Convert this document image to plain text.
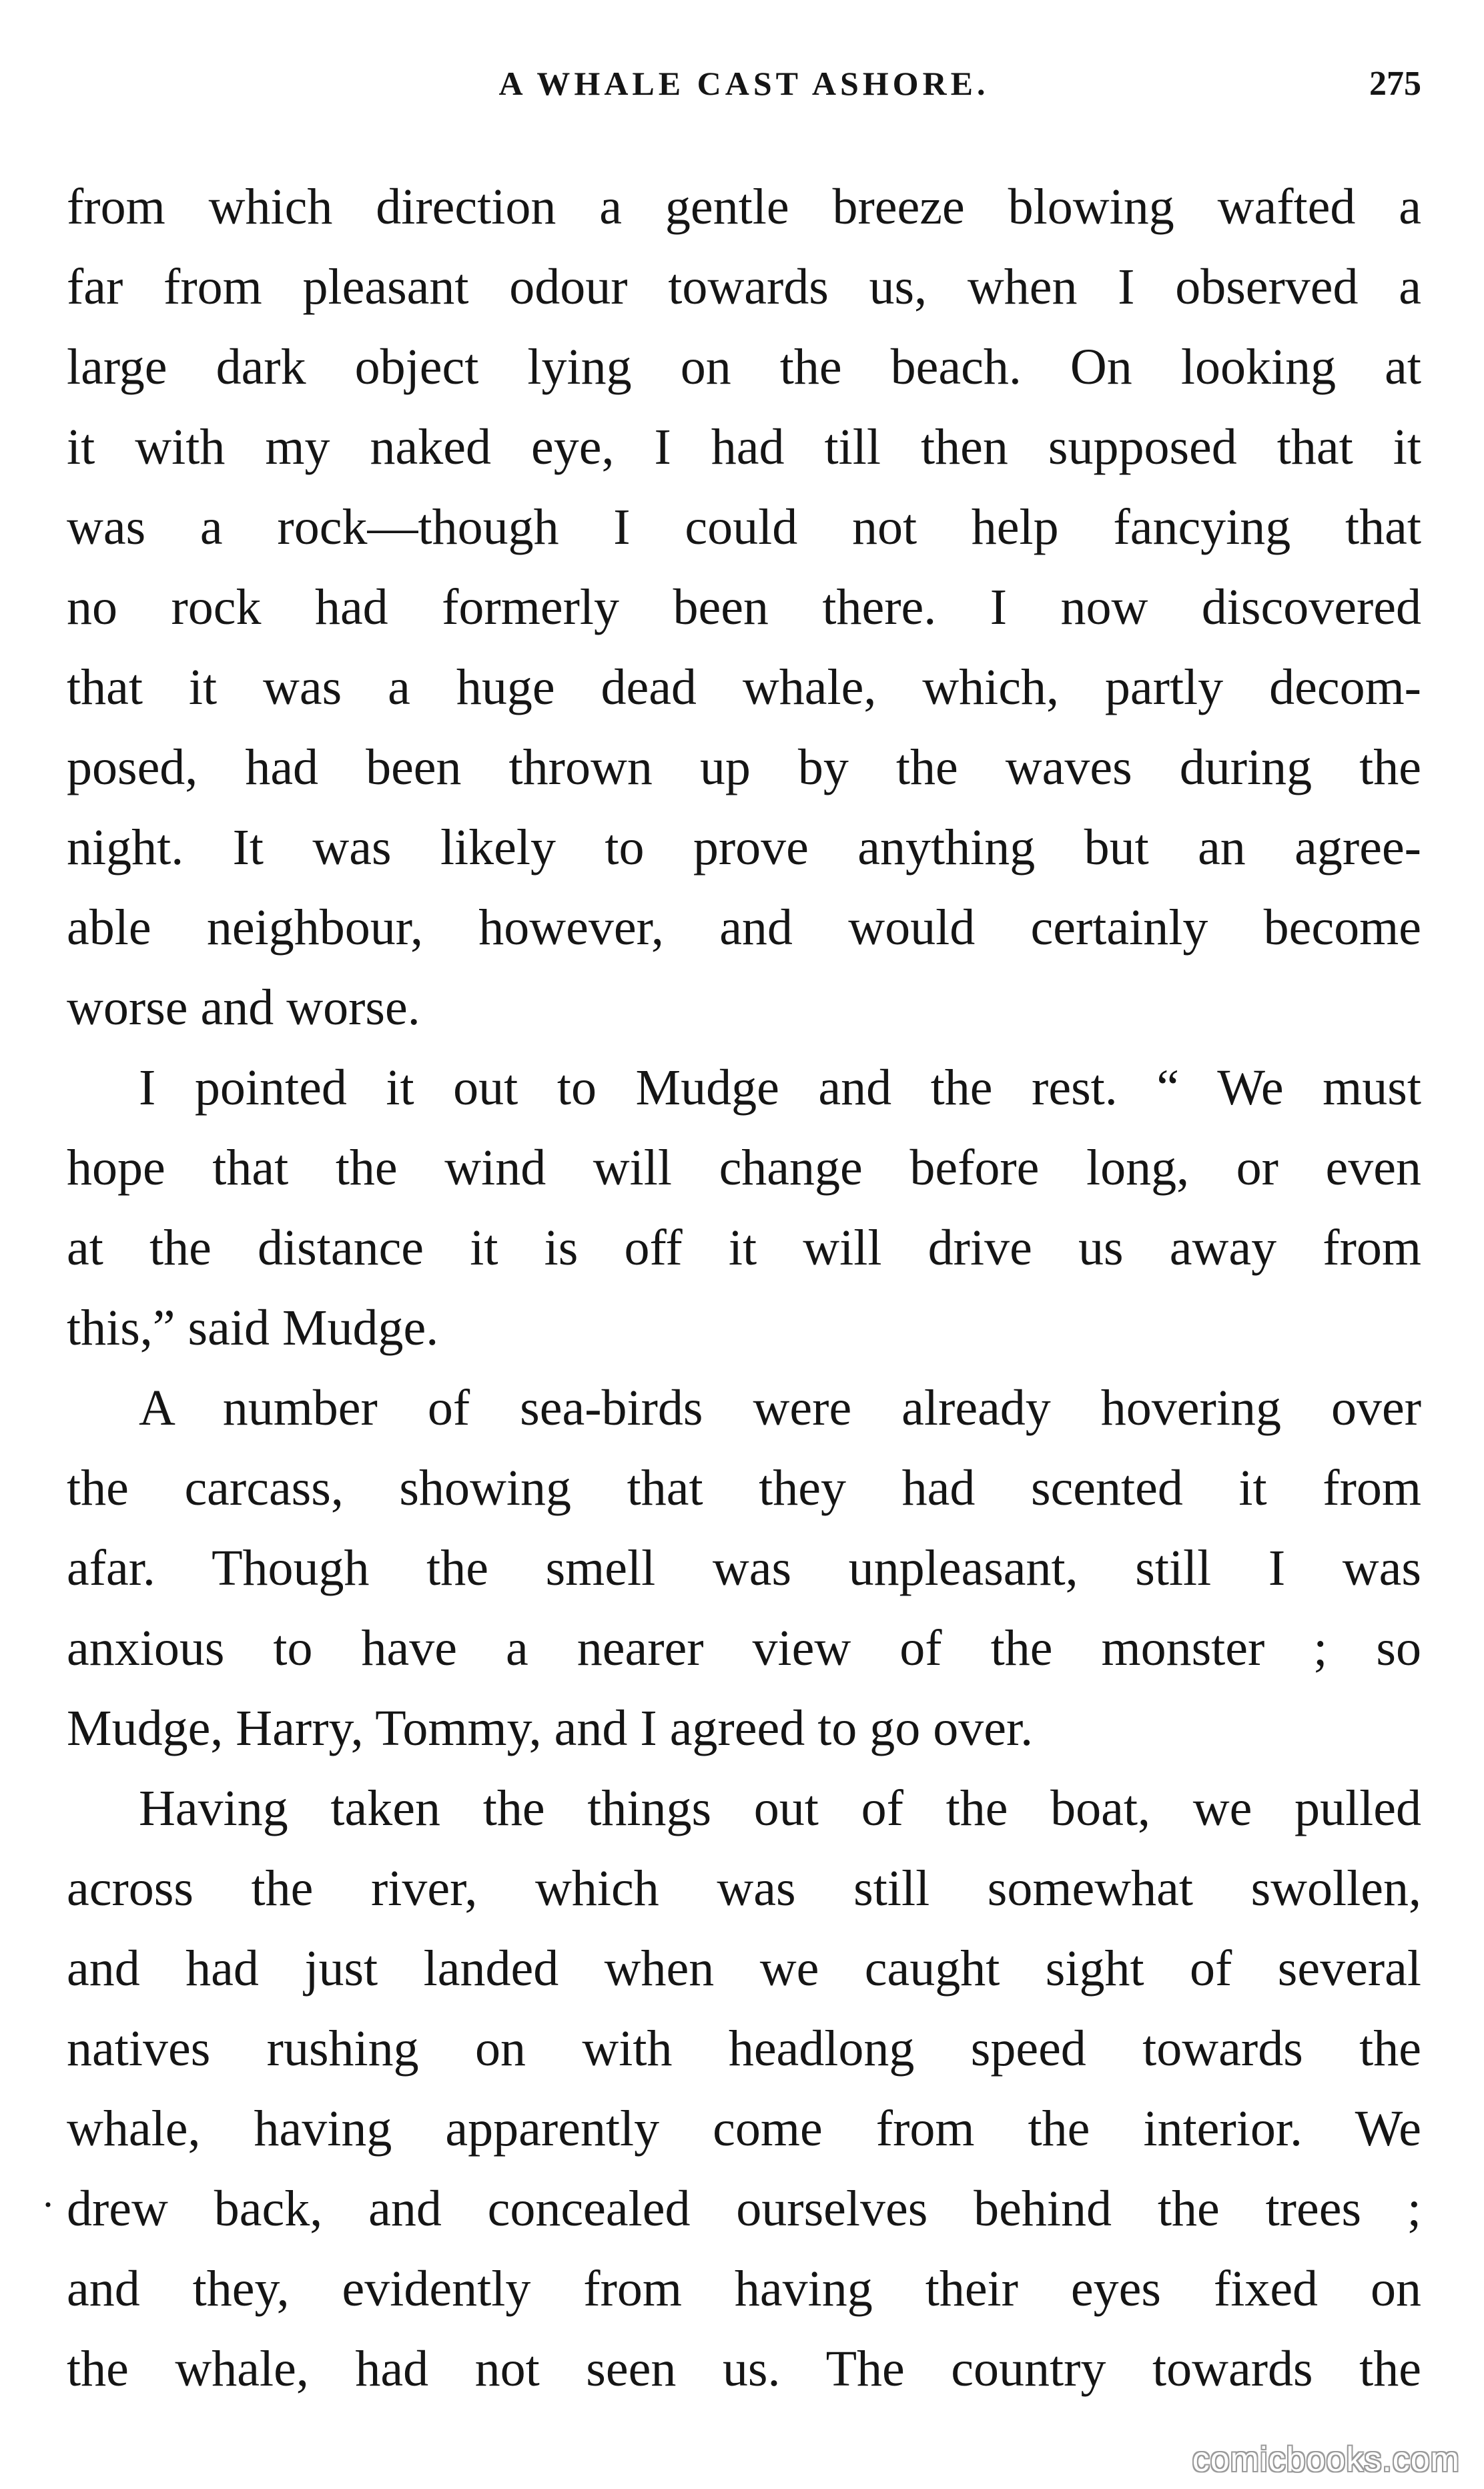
A WHALE CAST ASHORE.	275
from which direction a gentle breeze blowing wafted a
far from pleasant odour towards us, when I observed a
large dark object lying on the beach. On looking at
it with my naked eye, I had till then supposed that it
was a rock—though I could not help fancying that
no rock had formerly been there. I now discovered
that it was a huge dead whale, which, partly decom-
posed, had been thrown up by the waves during the
night. It was likely to prove anything but an agree-
able neighbour, however, and would certainly become
worse and worse.
I pointed it out to Mudge and the rest. “ We must
hope that the wind will change before long, or even
at the distance it is off it will drive us away from
this,” said Mudge.
A number of sea-birds were already hovering over
the carcass, showing that they had scented it from
afar. Though the smell was unpleasant, still I was
anxious to have a nearer view of the monster ; so
Mudge, Harry, Tommy, and I agreed to go over.
Having taken the things out of the boat, we pulled
across the river, which was still somewhat swollen,
and had just landed when we caught sight of several
natives rushing on with headlong speed towards the
whale, having apparently come from the interior. We
drew back, and concealed ourselves behind the trees ;
and they, evidently from having their eyes fixed on
the whale, had not seen us. The country towards the
·
comicbooks.com
